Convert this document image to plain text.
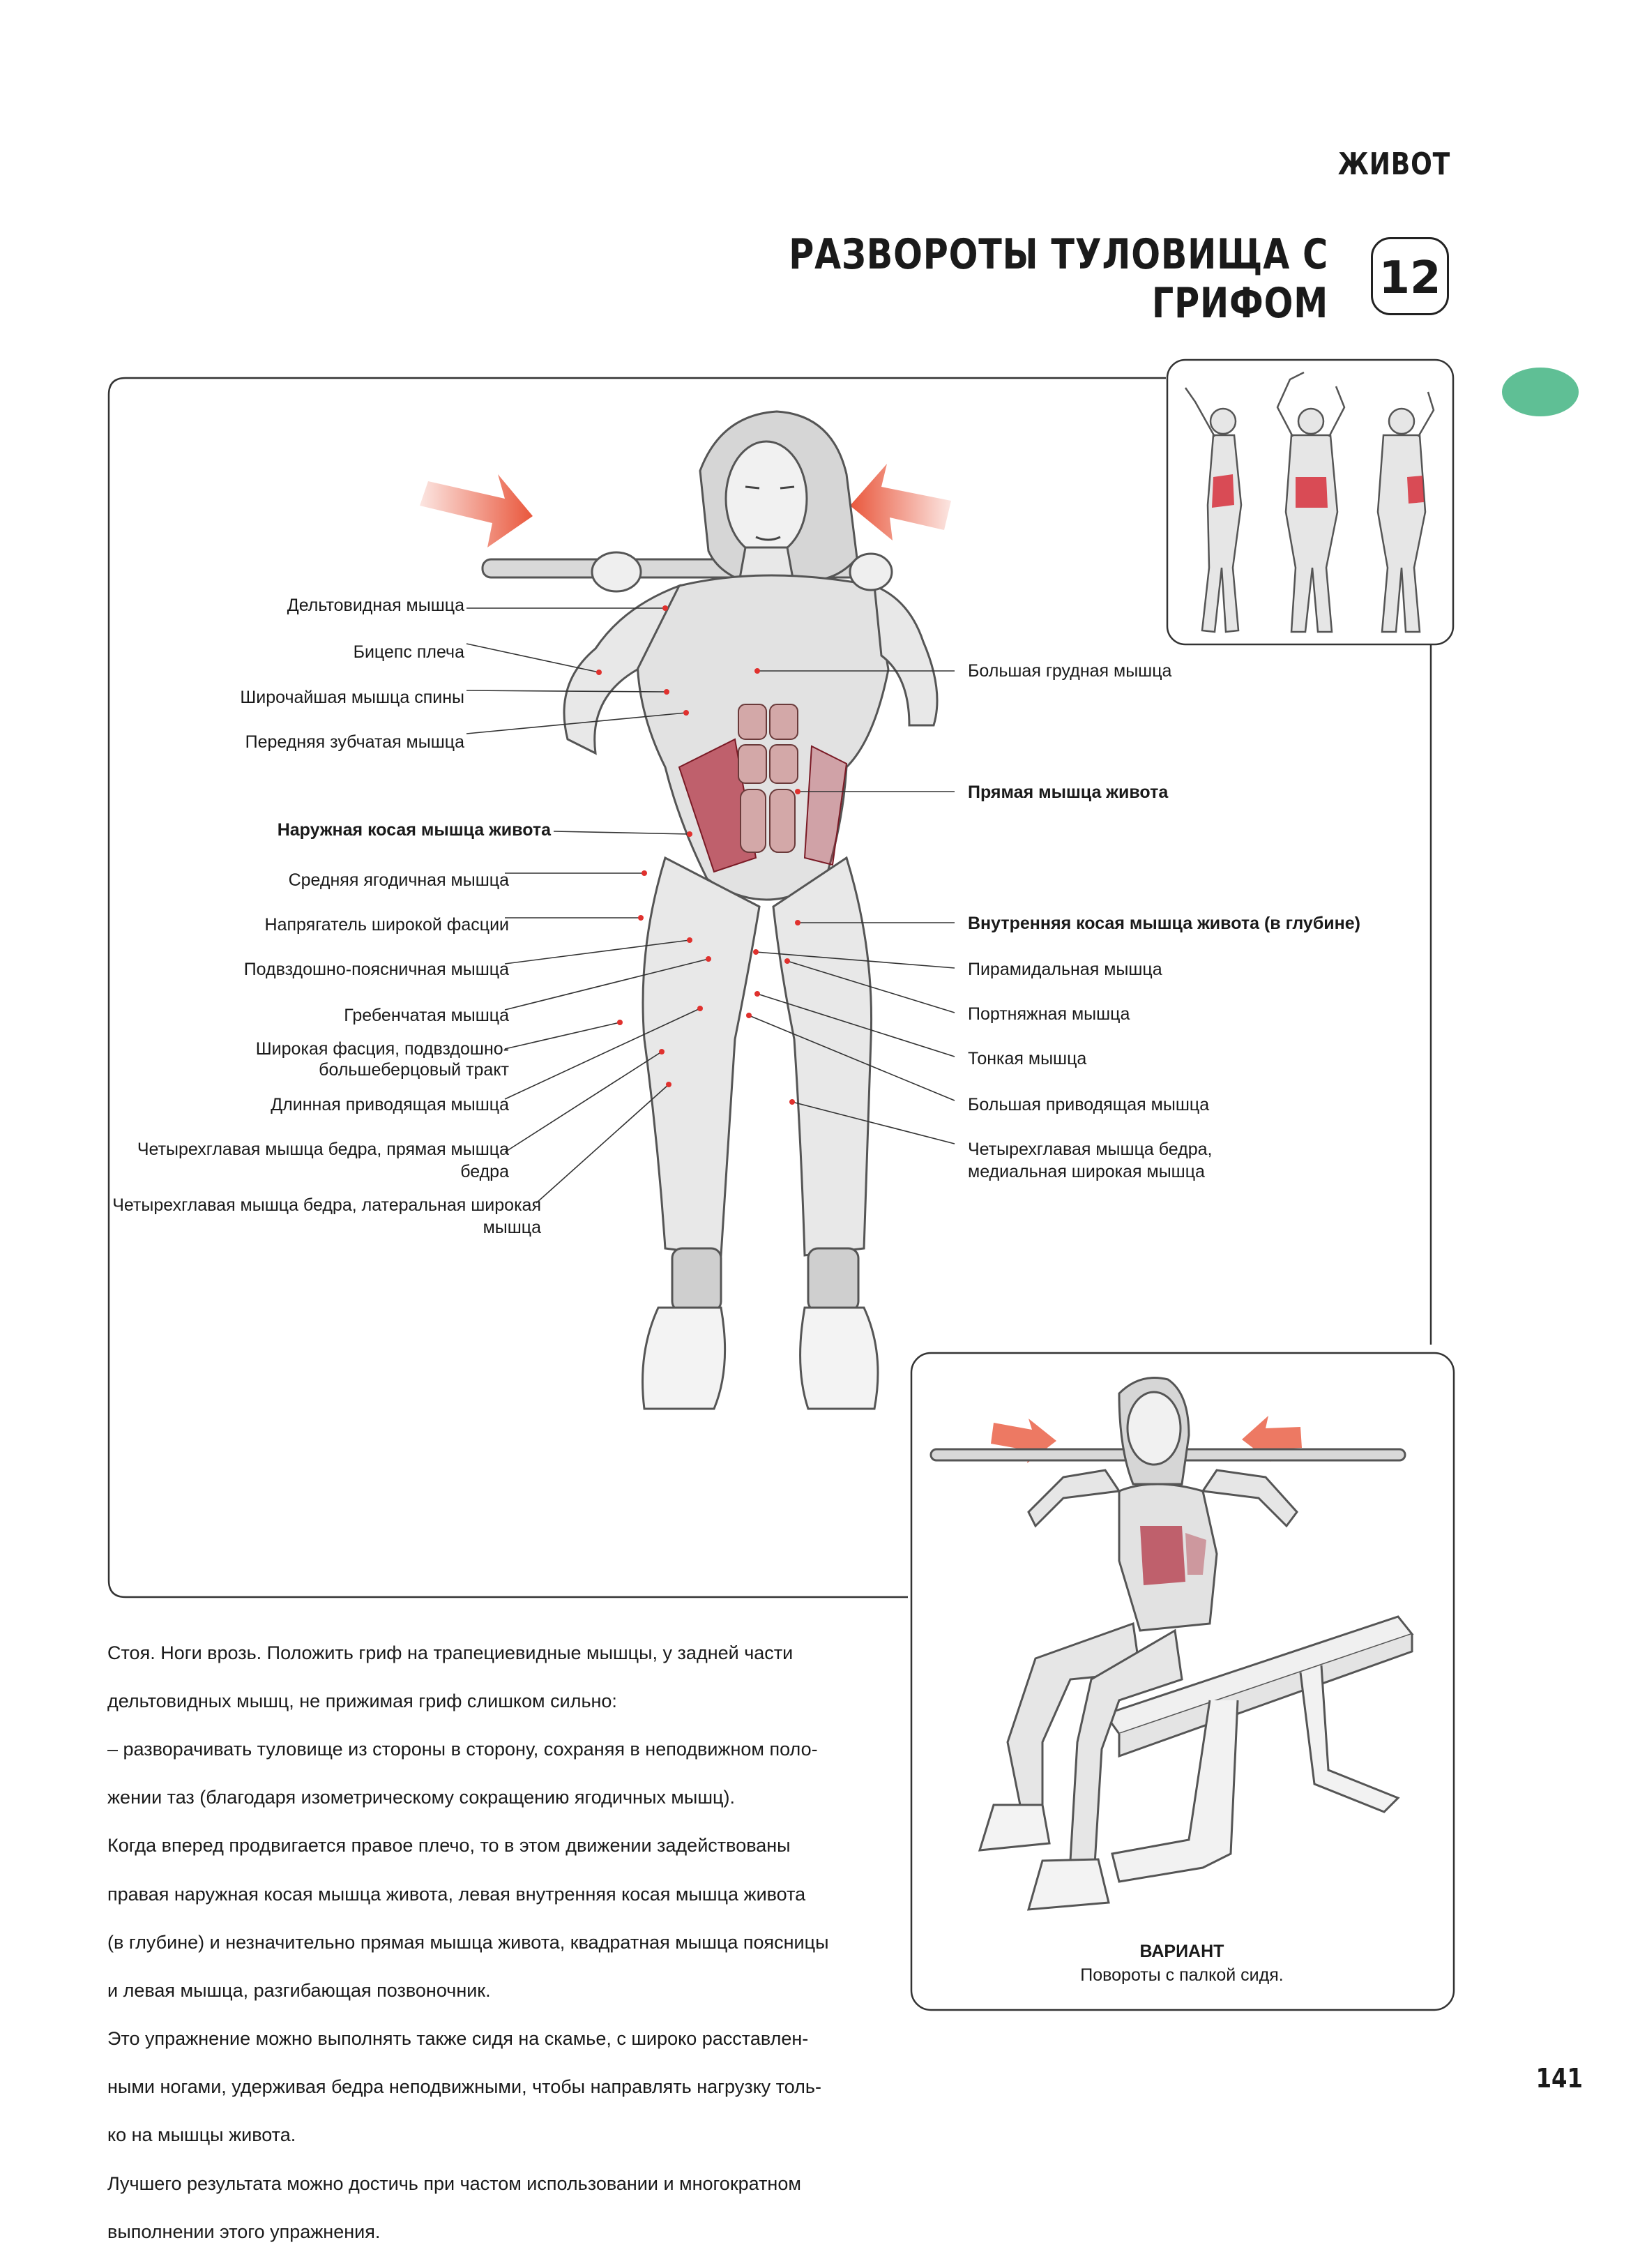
ЖИВОТ
РАЗВОРОТЫ ТУЛОВИЩА С ГРИФОМ 12
Дельтовидная мышца
Бицепс плеча
Широчайшая мышца спины
Передняя зубчатая мышца
Наружная косая мышца живота
Средняя ягодичная мышца
Напрягатель широкой фасции
Подвздошно-поясничная мышца
Гребенчатая мышца
Широкая фасция, подвздошно-
большеберцовый тракт
Длинная приводящая мышца
Четырехглавая мышца бедра, прямая мышца
бедра
Четырехглавая мышца бедра, латеральная широкая
мышца
Большая грудная мышца
Прямая мышца живота
Внутренняя косая мышца живота (в глубине)
Пирамидальная мышца
Портняжная мышца
Тонкая мышца
Большая приводящая мышца
Четырехглавая мышца бедра,
медиальная широкая мышца
ВАРИАНТ
Повороты с палкой сидя.

Стоя. Ноги врозь. Положить гриф на трапециевидные мышцы, у задней части

дельтовидных мышц, не прижимая гриф слишком сильно:

– разворачивать туловище из стороны в сторону, сохраняя в неподвижном поло-

жении таз (благодаря изометрическому сокращению ягодичных мышц).

Когда вперед продвигается правое плечо, то в этом движении задействованы

правая наружная косая мышца живота, левая внутренняя косая мышца живота

(в глубине) и незначительно прямая мышца живота, квадратная мышца поясницы

и левая мышца, разгибающая позвоночник.

Это упражнение можно выполнять также сидя на скамье, с широко расставлен-

ными ногами, удерживая бедра неподвижными, чтобы направлять нагрузку толь-

ко на мышцы живота.

Лучшего результата можно достичь при частом использовании и многократном

выполнении этого упражнения.

141
